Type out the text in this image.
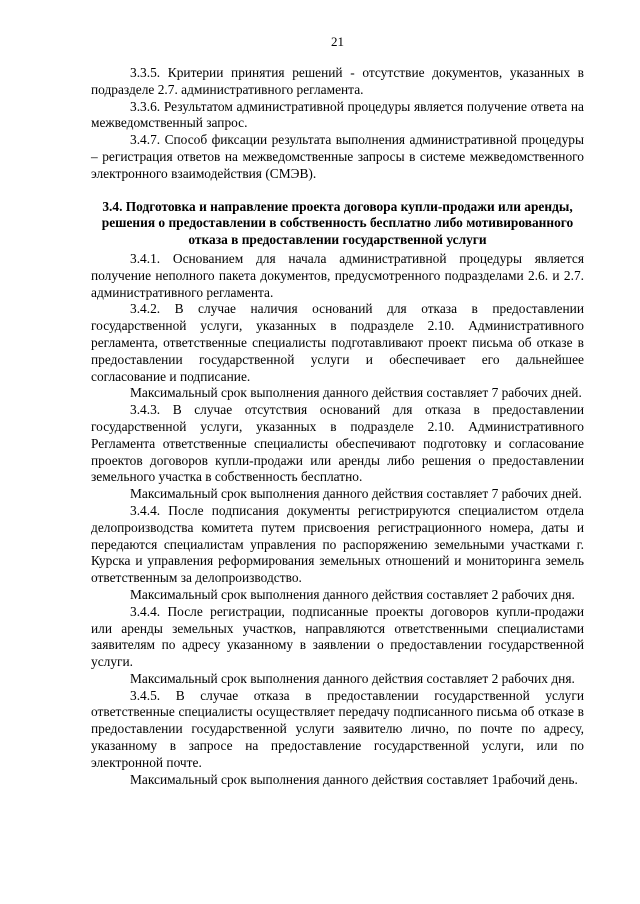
21

3.3.5. Критерии принятия решений - отсутствие документов, указанных в подразделе 2.7. административного регламента.

3.3.6. Результатом административной процедуры является получение ответа на межведомственный запрос.

3.4.7. Способ фиксации результата выполнения административной процедуры – регистрация ответов на межведомственные запросы в системе межведомственного электронного взаимодействия (СМЭВ).

3.4. Подготовка и направление проекта договора купли-продажи или аренды, решения о предоставлении в собственность бесплатно либо мотивированного отказа в предоставлении государственной услуги

3.4.1. Основанием для начала административной процедуры является получение неполного пакета документов, предусмотренного подразделами 2.6. и 2.7. административного регламента.

3.4.2. В случае наличия оснований для отказа в предоставлении государственной услуги, указанных в подразделе 2.10. Административного регламента, ответственные специалисты подготавливают проект письма об отказе в предоставлении государственной услуги и обеспечивает его дальнейшее согласование и подписание.

Максимальный срок выполнения данного действия составляет 7 рабочих дней.

3.4.3. В случае отсутствия оснований для отказа в предоставлении государственной услуги, указанных в подразделе 2.10. Административного Регламента ответственные специалисты обеспечивают подготовку и согласование проектов договоров купли-продажи или аренды либо решения о предоставлении земельного участка в собственность бесплатно.

Максимальный срок выполнения данного действия составляет 7 рабочих дней.

3.4.4. После подписания документы регистрируются специалистом отдела делопроизводства комитета путем присвоения регистрационного номера, даты и передаются специалистам управления по распоряжению земельными участками г. Курска и управления реформирования земельных отношений и мониторинга земель ответственным за делопроизводство.

Максимальный срок выполнения данного действия составляет 2 рабочих дня.

3.4.4. После регистрации, подписанные проекты договоров купли-продажи или аренды земельных участков, направляются ответственными специалистами заявителям по адресу указанному в заявлении о предоставлении государственной услуги.

Максимальный срок выполнения данного действия составляет 2 рабочих дня.

3.4.5. В случае отказа в предоставлении государственной услуги ответственные специалисты осуществляет передачу подписанного письма об отказе в предоставлении государственной услуги заявителю лично, по почте по адресу, указанному в запросе на предоставление государственной услуги, или по электронной почте.

Максимальный срок выполнения данного действия составляет 1рабочий день.
